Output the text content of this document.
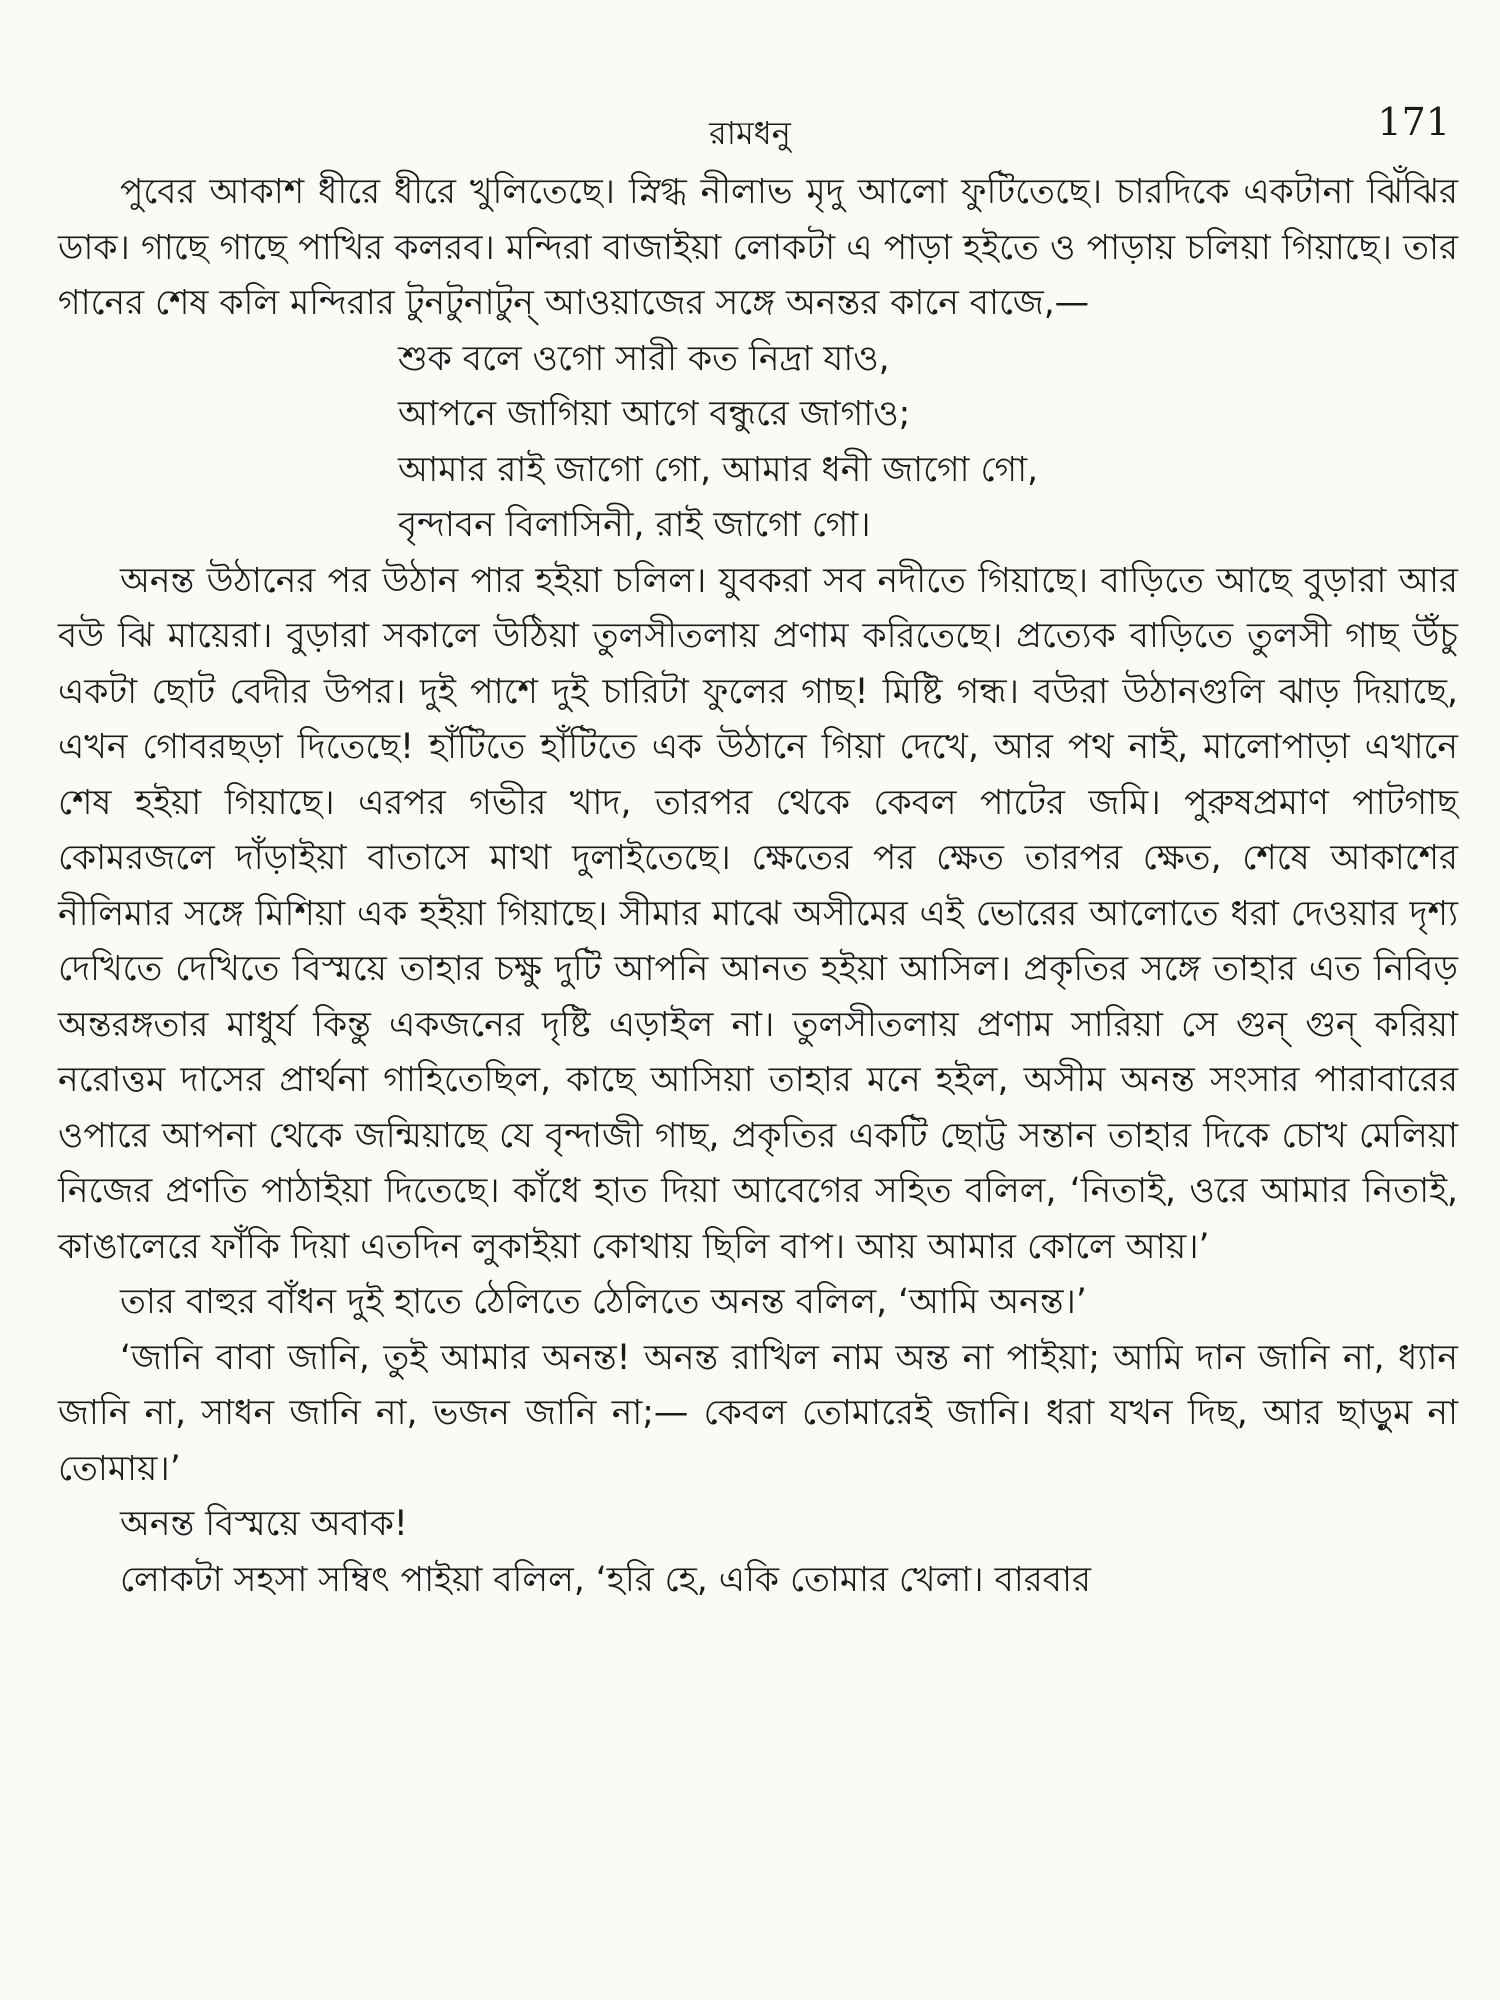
রামধনু	171

পুবের আকাশ ধীরে ধীরে খুলিতেছে। স্নিগ্ধ নীলাভ মৃদু আলো ফুটিতেছে। চারদিকে একটানা ঝিঁঝির ডাক। গাছে গাছে পাখির কলরব। মন্দিরা বাজাইয়া লোকটা এ পাড়া হইতে ও পাড়ায় চলিয়া গিয়াছে। তার গানের শেষ কলি মন্দিরার টুনটুনাটুন্ আওয়াজের সঙ্গে অনন্তর কানে বাজে,—

শুক বলে ওগো সারী কত নিদ্রা যাও,
আপনে জাগিয়া আগে বন্ধুরে জাগাও;
আমার রাই জাগো গো, আমার ধনী জাগো গো,
বৃন্দাবন বিলাসিনী, রাই জাগো গো।

অনন্ত উঠানের পর উঠান পার হইয়া চলিল। যুবকরা সব নদীতে গিয়াছে। বাড়িতে আছে বুড়ারা আর বউ ঝি মায়েরা। বুড়ারা সকালে উঠিয়া তুলসীতলায় প্রণাম করিতেছে। প্রত্যেক বাড়িতে তুলসী গাছ উঁচু একটা ছোট বেদীর উপর। দুই পাশে দুই চারিটা ফুলের গাছ! মিষ্টি গন্ধ। বউরা উঠানগুলি ঝাড় দিয়াছে, এখন গোবরছড়া দিতেছে! হাঁটিতে হাঁটিতে এক উঠানে গিয়া দেখে, আর পথ নাই, মালোপাড়া এখানে শেষ হইয়া গিয়াছে। এরপর গভীর খাদ, তারপর থেকে কেবল পাটের জমি। পুরুষপ্রমাণ পাটগাছ কোমরজলে দাঁড়াইয়া বাতাসে মাথা দুলাইতেছে। ক্ষেতের পর ক্ষেত তারপর ক্ষেত, শেষে আকাশের নীলিমার সঙ্গে মিশিয়া এক হইয়া গিয়াছে। সীমার মাঝে অসীমের এই ভোরের আলোতে ধরা দেওয়ার দৃশ্য দেখিতে দেখিতে বিস্ময়ে তাহার চক্ষু দুটি আপনি আনত হইয়া আসিল। প্রকৃতির সঙ্গে তাহার এত নিবিড় অন্তরঙ্গতার মাধুর্য কিন্তু একজনের দৃষ্টি এড়াইল না। তুলসীতলায় প্রণাম সারিয়া সে গুন্ গুন্ করিয়া নরোত্তম দাসের প্রার্থনা গাহিতেছিল, কাছে আসিয়া তাহার মনে হইল, অসীম অনন্ত সংসার পারাবারের ওপারে আপনা থেকে জন্মিয়াছে যে বৃন্দাজী গাছ, প্রকৃতির একটি ছোট্ট সন্তান তাহার দিকে চোখ মেলিয়া নিজের প্রণতি পাঠাইয়া দিতেছে। কাঁধে হাত দিয়া আবেগের সহিত বলিল, ‘নিতাই, ওরে আমার নিতাই, কাঙালেরে ফাঁকি দিয়া এতদিন লুকাইয়া কোথায় ছিলি বাপ। আয় আমার কোলে আয়।’

তার বাহুর বাঁধন দুই হাতে ঠেলিতে ঠেলিতে অনন্ত বলিল, ‘আমি অনন্ত।’

‘জানি বাবা জানি, তুই আমার অনন্ত! অনন্ত রাখিল নাম অন্ত না পাইয়া; আমি দান জানি না, ধ্যান জানি না, সাধন জানি না, ভজন জানি না;— কেবল তোমারেই জানি। ধরা যখন দিছ, আর ছাড়ুম না তোমায়।’

অনন্ত বিস্ময়ে অবাক!

লোকটা সহসা সম্বিৎ পাইয়া বলিল, ‘হরি হে, একি তোমার খেলা। বারবার
